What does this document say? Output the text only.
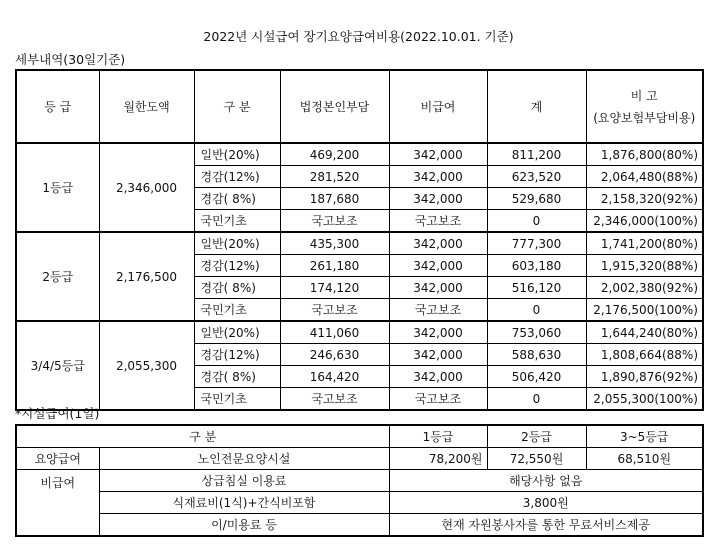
2022년 시설급여 장기요양급여비용(2022.10.01. 기준)
세부내역(30일기준)
등 급	월한도액	구 분	법정본인부담	비급여	계	비 고
(요양보험부담비용)

1등급	2,346,000	일반(20%)	469,200	342,000	811,200	1,876,800(80%)
		경감(12%)	281,520	342,000	623,520	2,064,480(88%)
		경감( 8%)	187,680	342,000	529,680	2,158,320(92%)
		국민기초	국고보조	국고보조	0	2,346,000(100%)
2등급	2,176,500	일반(20%)	435,300	342,000	777,300	1,741,200(80%)
		경감(12%)	261,180	342,000	603,180	1,915,320(88%)
		경감( 8%)	174,120	342,000	516,120	2,002,380(92%)
		국민기초	국고보조	국고보조	0	2,176,500(100%)
3/4/5등급	2,055,300	일반(20%)	411,060	342,000	753,060	1,644,240(80%)
		경감(12%)	246,630	342,000	588,630	1,808,664(88%)
		경감( 8%)	164,420	342,000	506,420	1,890,876(92%)
		국민기초	국고보조	국고보조	0	2,055,300(100%)
*시설급여(1일)
구 분		1등급	2등급	3~5등급
요양급여	노인전문요양시설	78,200원	72,550원	68,510원
비급여	상급침실 이용료	해당사항 없음		
	식재료비(1식)+간식비포함	3,800원		
	이/미용료 등	현재 자원봉사자를 통한 무료서비스제공		
